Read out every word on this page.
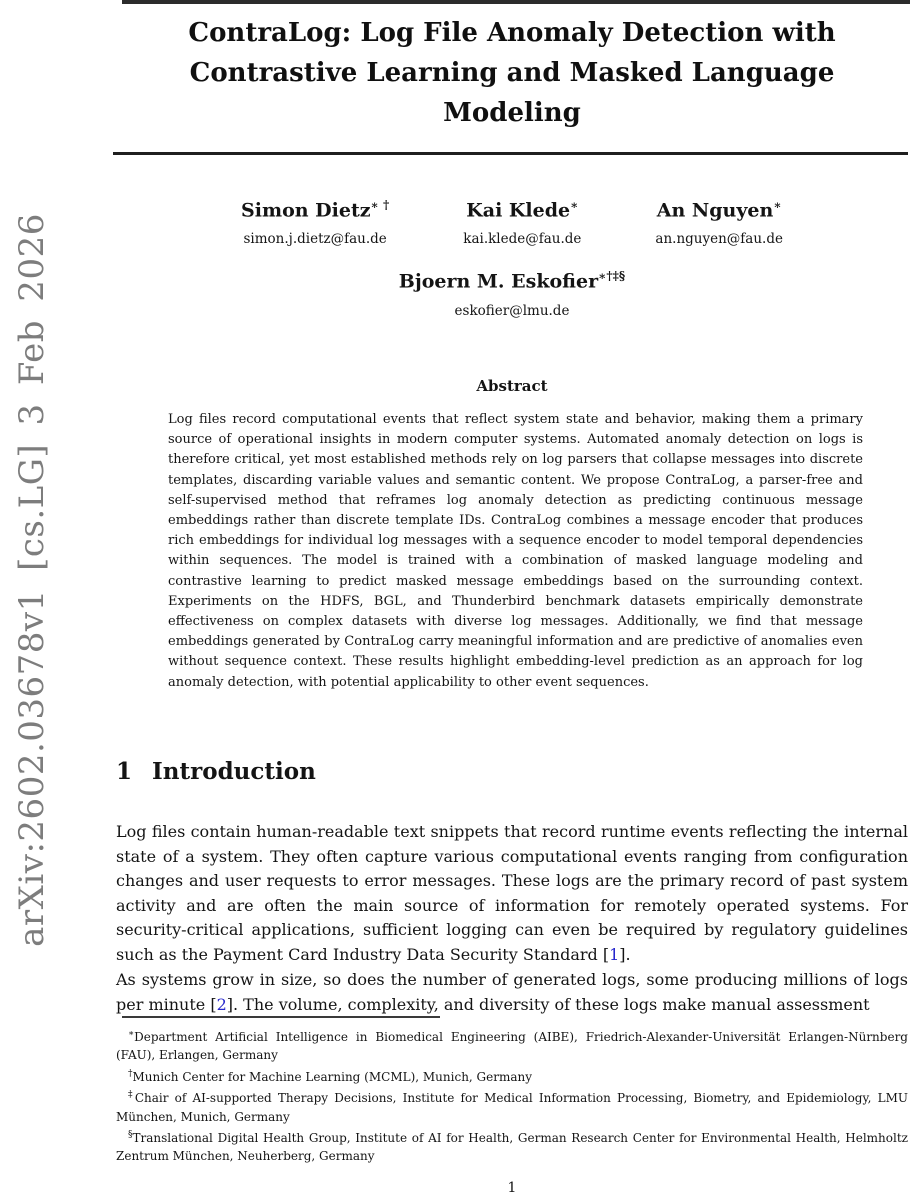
arXiv:2602.03678v1 [cs.LG] 3 Feb 2026
ContraLog: Log File Anomaly Detection with Contrastive Learning and Masked Language Modeling
Simon Dietz∗ †
simon.j.dietz@fau.de
Kai Klede∗
kai.klede@fau.de
An Nguyen∗
an.nguyen@fau.de
Bjoern M. Eskofier∗†‡§
eskofier@lmu.de
Abstract
Log files record computational events that reflect system state and behavior, making them a primary source of operational insights in modern computer systems. Automated anomaly detection on logs is therefore critical, yet most established methods rely on log parsers that collapse messages into discrete templates, discarding variable values and semantic content. We propose ContraLog, a parser-free and self-supervised method that reframes log anomaly detection as predicting continuous message embeddings rather than discrete template IDs. ContraLog combines a message encoder that produces rich embeddings for individual log messages with a sequence encoder to model temporal dependencies within sequences. The model is trained with a combination of masked language modeling and contrastive learning to predict masked message embeddings based on the surrounding context. Experiments on the HDFS, BGL, and Thunderbird benchmark datasets empirically demonstrate effectiveness on complex datasets with diverse log messages. Additionally, we find that message embeddings generated by ContraLog carry meaningful information and are predictive of anomalies even without sequence context. These results highlight embedding-level prediction as an approach for log anomaly detection, with potential applicability to other event sequences.
1 Introduction
Log files contain human-readable text snippets that record runtime events reflecting the internal state of a system. They often capture various computational events ranging from configuration changes and user requests to error messages. These logs are the primary record of past system activity and are often the main source of information for remotely operated systems. For security-critical applications, sufficient logging can even be required by regulatory guidelines such as the Payment Card Industry Data Security Standard [1].
As systems grow in size, so does the number of generated logs, some producing millions of logs per minute [2]. The volume, complexity, and diversity of these logs make manual assessment
∗Department Artificial Intelligence in Biomedical Engineering (AIBE), Friedrich-Alexander-Universität Erlangen-Nürnberg (FAU), Erlangen, Germany
†Munich Center for Machine Learning (MCML), Munich, Germany
‡Chair of AI-supported Therapy Decisions, Institute for Medical Information Processing, Biometry, and Epidemiology, LMU München, Munich, Germany
§Translational Digital Health Group, Institute of AI for Health, German Research Center for Environmental Health, Helmholtz Zentrum München, Neuherberg, Germany
1
